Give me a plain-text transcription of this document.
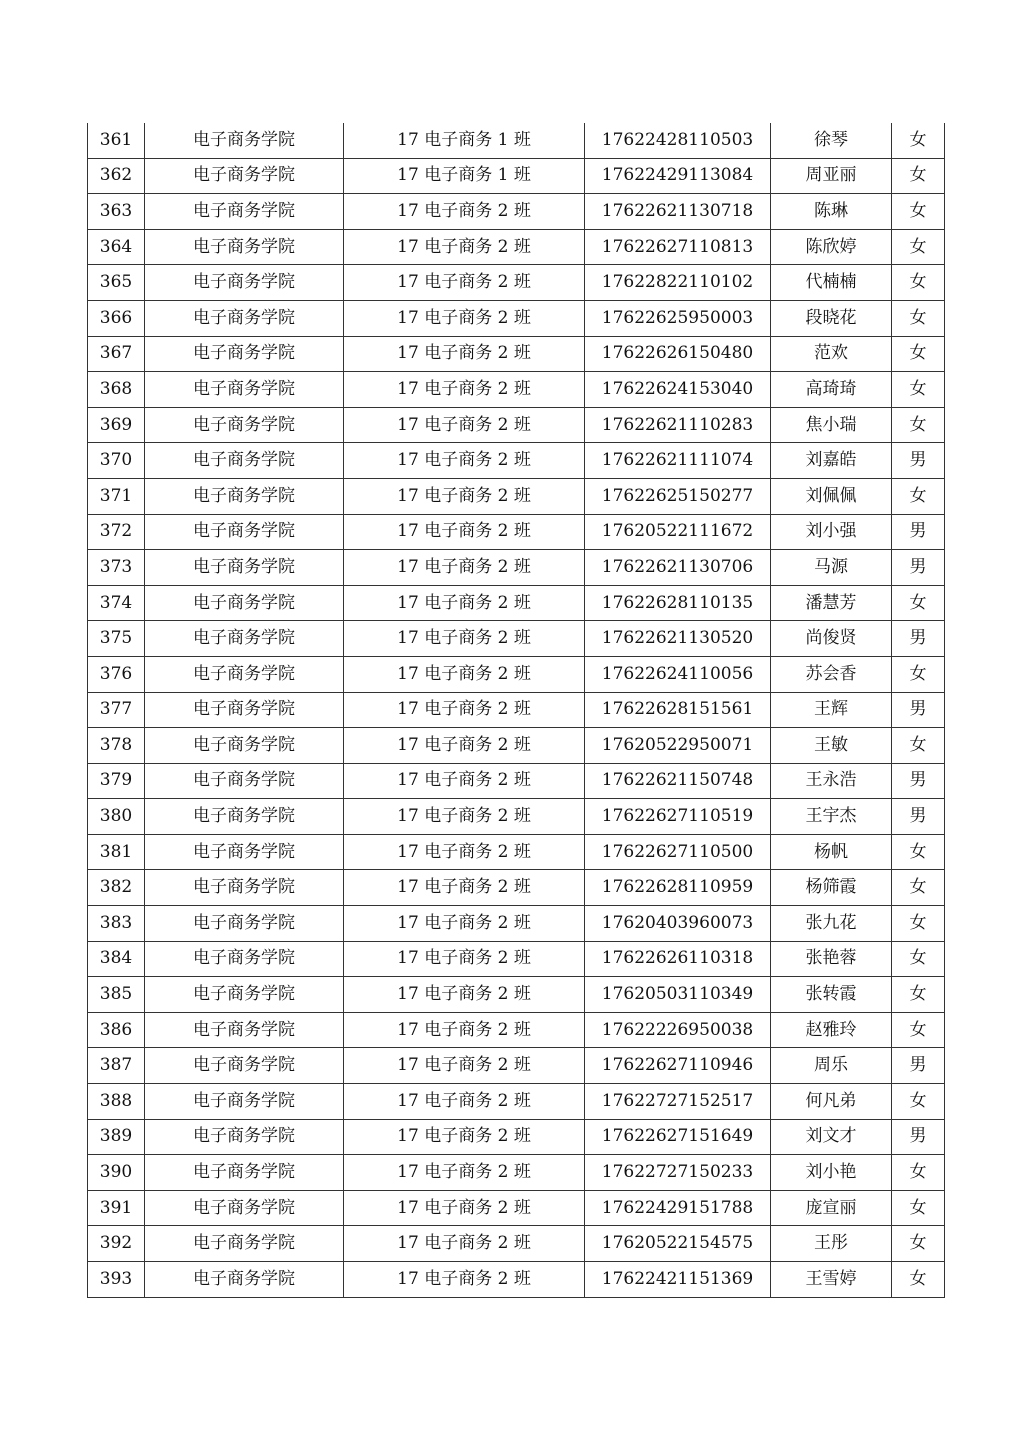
361	电子商务学院	17 电子商务 1 班	17622428110503	徐琴	女
362	电子商务学院	17 电子商务 1 班	17622429113084	周亚丽	女
363	电子商务学院	17 电子商务 2 班	17622621130718	陈琳	女
364	电子商务学院	17 电子商务 2 班	17622627110813	陈欣婷	女
365	电子商务学院	17 电子商务 2 班	17622822110102	代楠楠	女
366	电子商务学院	17 电子商务 2 班	17622625950003	段晓花	女
367	电子商务学院	17 电子商务 2 班	17622626150480	范欢	女
368	电子商务学院	17 电子商务 2 班	17622624153040	高琦琦	女
369	电子商务学院	17 电子商务 2 班	17622621110283	焦小瑞	女
370	电子商务学院	17 电子商务 2 班	17622621111074	刘嘉皓	男
371	电子商务学院	17 电子商务 2 班	17622625150277	刘佩佩	女
372	电子商务学院	17 电子商务 2 班	17620522111672	刘小强	男
373	电子商务学院	17 电子商务 2 班	17622621130706	马源	男
374	电子商务学院	17 电子商务 2 班	17622628110135	潘慧芳	女
375	电子商务学院	17 电子商务 2 班	17622621130520	尚俊贤	男
376	电子商务学院	17 电子商务 2 班	17622624110056	苏会香	女
377	电子商务学院	17 电子商务 2 班	17622628151561	王辉	男
378	电子商务学院	17 电子商务 2 班	17620522950071	王敏	女
379	电子商务学院	17 电子商务 2 班	17622621150748	王永浩	男
380	电子商务学院	17 电子商务 2 班	17622627110519	王宇杰	男
381	电子商务学院	17 电子商务 2 班	17622627110500	杨帆	女
382	电子商务学院	17 电子商务 2 班	17622628110959	杨筛霞	女
383	电子商务学院	17 电子商务 2 班	17620403960073	张九花	女
384	电子商务学院	17 电子商务 2 班	17622626110318	张艳蓉	女
385	电子商务学院	17 电子商务 2 班	17620503110349	张转霞	女
386	电子商务学院	17 电子商务 2 班	17622226950038	赵雅玲	女
387	电子商务学院	17 电子商务 2 班	17622627110946	周乐	男
388	电子商务学院	17 电子商务 2 班	17622727152517	何凡弟	女
389	电子商务学院	17 电子商务 2 班	17622627151649	刘文才	男
390	电子商务学院	17 电子商务 2 班	17622727150233	刘小艳	女
391	电子商务学院	17 电子商务 2 班	17622429151788	庞宣丽	女
392	电子商务学院	17 电子商务 2 班	17620522154575	王彤	女
393	电子商务学院	17 电子商务 2 班	17622421151369	王雪婷	女
